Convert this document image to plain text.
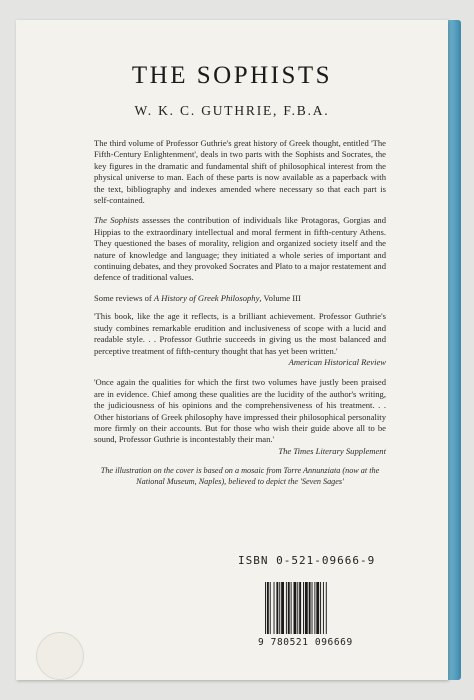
THE SOPHISTS
W. K. C. GUTHRIE, F.B.A.

The third volume of Professor Guthrie's great history of Greek thought, entitled 'The Fifth-Century Enlightenment', deals in two parts with the Sophists and Socrates, the key figures in the dramatic and fundamental shift of philosophical interest from the physical universe to man. Each of these parts is now available as a paperback with the text, bibliography and indexes amended where necessary so that each part is self-contained.

The Sophists assesses the contribution of individuals like Protagoras, Gorgias and Hippias to the extraordinary intellectual and moral ferment in fifth-century Athens. They questioned the bases of morality, religion and organized society itself and the nature of knowledge and language; they initiated a whole series of important and continuing debates, and they provoked Socrates and Plato to a major restatement and defence of traditional values.

Some reviews of A History of Greek Philosophy, Volume III

'This book, like the age it reflects, is a brilliant achievement. Professor Guthrie's study combines remarkable erudition and inclusiveness of scope with a lucid and readable style. . . Professor Guthrie succeeds in giving us the most balanced and perceptive treatment of fifth-century thought that has yet been written.'
American Historical Review
'Once again the qualities for which the first two volumes have justly been praised are in evidence. Chief among these qualities are the lucidity of the author's writing, the judiciousness of his opinions and the comprehensiveness of his treatment. . . Other historians of Greek philosophy have impressed their philosophical personality more firmly on their accounts. But for those who wish their guide above all to be sound, Professor Guthrie is incontestably their man.'
The Times Literary Supplement
The illustration on the cover is based on a mosaic from Torre Annunziata (now at the National Museum, Naples), believed to depict the 'Seven Sages'
ISBN 0-521-09666-9
9 780521 096669
